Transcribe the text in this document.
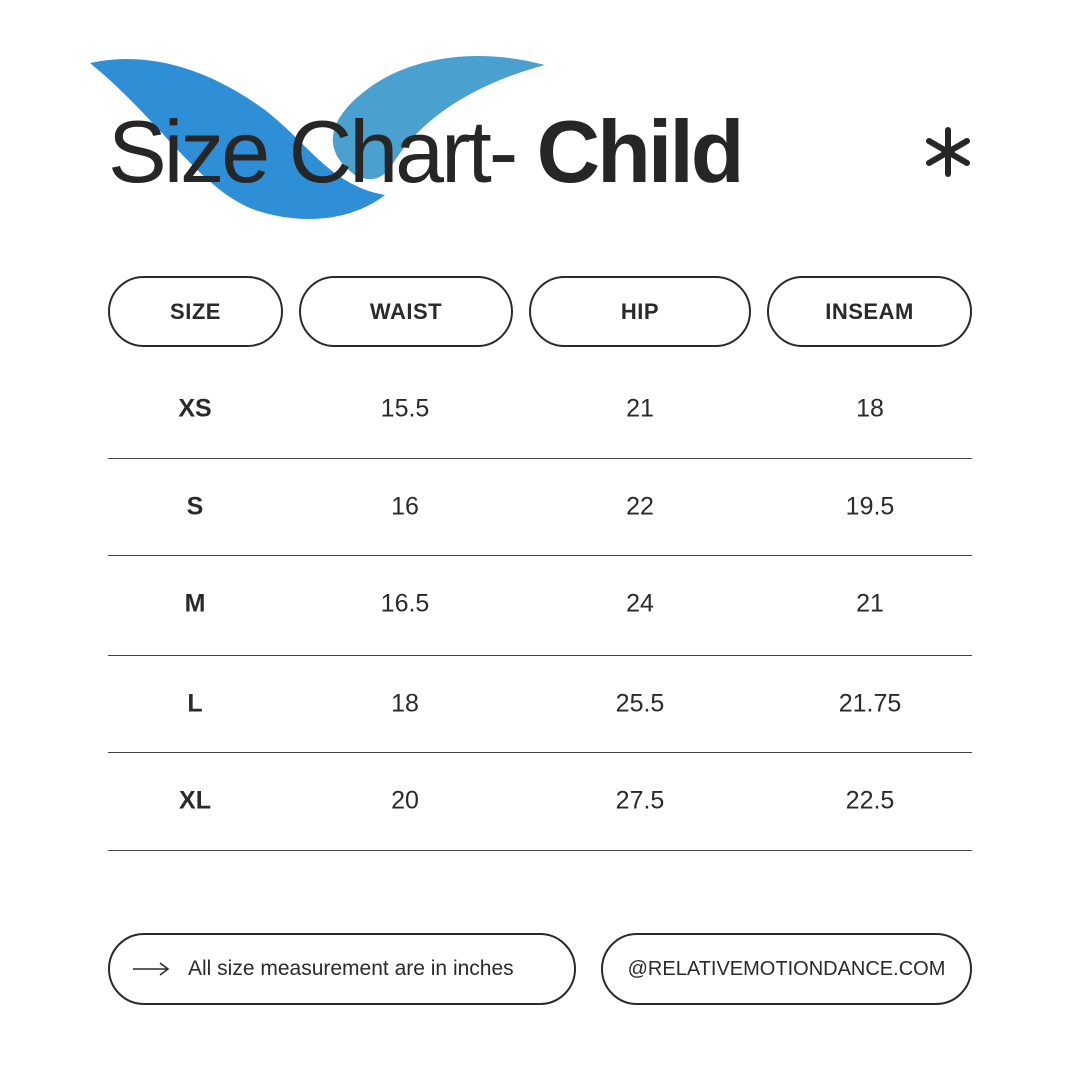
Size Chart- Child
SIZE	WAIST	HIP	INSEAM
XS	15.5	21	18
S	16	22	19.5
M	16.5	24	21
L	18	25.5	21.75
XL	20	27.5	22.5
All size measurement are in inches	@RELATIVEMOTIONDANCE.COM
